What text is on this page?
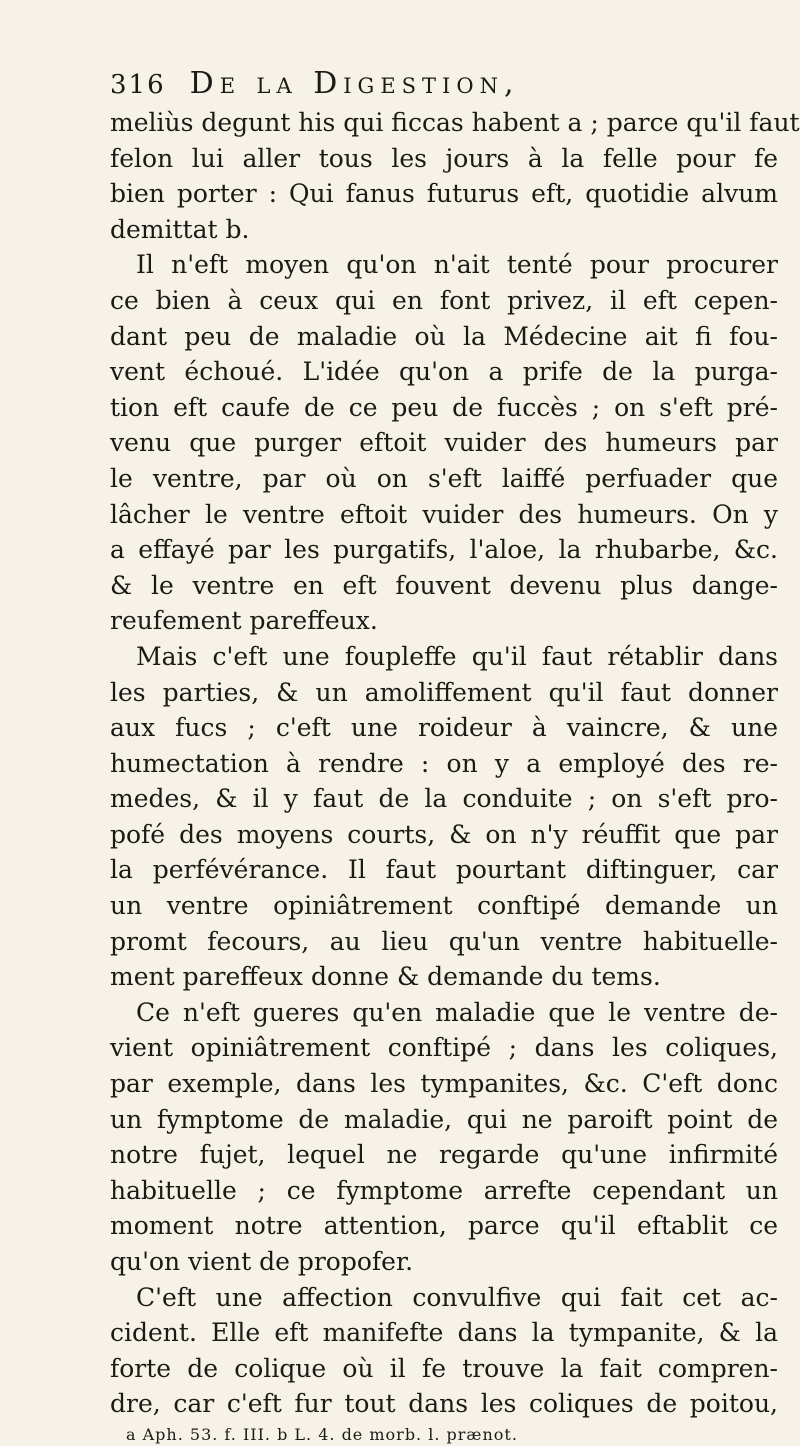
316 De la Digestion,
meliùs degunt his qui ficcas habent a ; parce qu'il faut
felon lui aller tous les jours à la felle pour fe
bien porter : Qui fanus futurus eft, quotidie alvum
demittat b.
Il n'eft moyen qu'on n'ait tenté pour procurer
ce bien à ceux qui en font privez, il eft cepen-
dant peu de maladie où la Médecine ait fi fou-
vent échoué. L'idée qu'on a prife de la purga-
tion eft caufe de ce peu de fuccès ; on s'eft pré-
venu que purger eftoit vuider des humeurs par
le ventre, par où on s'eft laiffé perfuader que
lâcher le ventre eftoit vuider des humeurs. On y
a effayé par les purgatifs, l'aloe, la rhubarbe, &c.
& le ventre en eft fouvent devenu plus dange-
reufement pareffeux.
Mais c'eft une foupleffe qu'il faut rétablir dans
les parties, & un amoliffement qu'il faut donner
aux fucs ; c'eft une roideur à vaincre, & une
humectation à rendre : on y a employé des re-
medes, & il y faut de la conduite ; on s'eft pro-
pofé des moyens courts, & on n'y réuffit que par
la perfévérance. Il faut pourtant diftinguer, car
un ventre opiniâtrement conftipé demande un
promt fecours, au lieu qu'un ventre habituelle-
ment pareffeux donne & demande du tems.
Ce n'eft gueres qu'en maladie que le ventre de-
vient opiniâtrement conftipé ; dans les coliques,
par exemple, dans les tympanites, &c. C'eft donc
un fymptome de maladie, qui ne paroift point de
notre fujet, lequel ne regarde qu'une infirmité
habituelle ; ce fymptome arrefte cependant un
moment notre attention, parce qu'il eftablit ce
qu'on vient de propofer.
C'eft une affection convulfive qui fait cet ac-
cident. Elle eft manifefte dans la tympanite, & la
forte de colique où il fe trouve la fait compren-
dre, car c'eft fur tout dans les coliques de poitou,
a Aph. 53. f. III. b L. 4. de morb. l. prænot.
